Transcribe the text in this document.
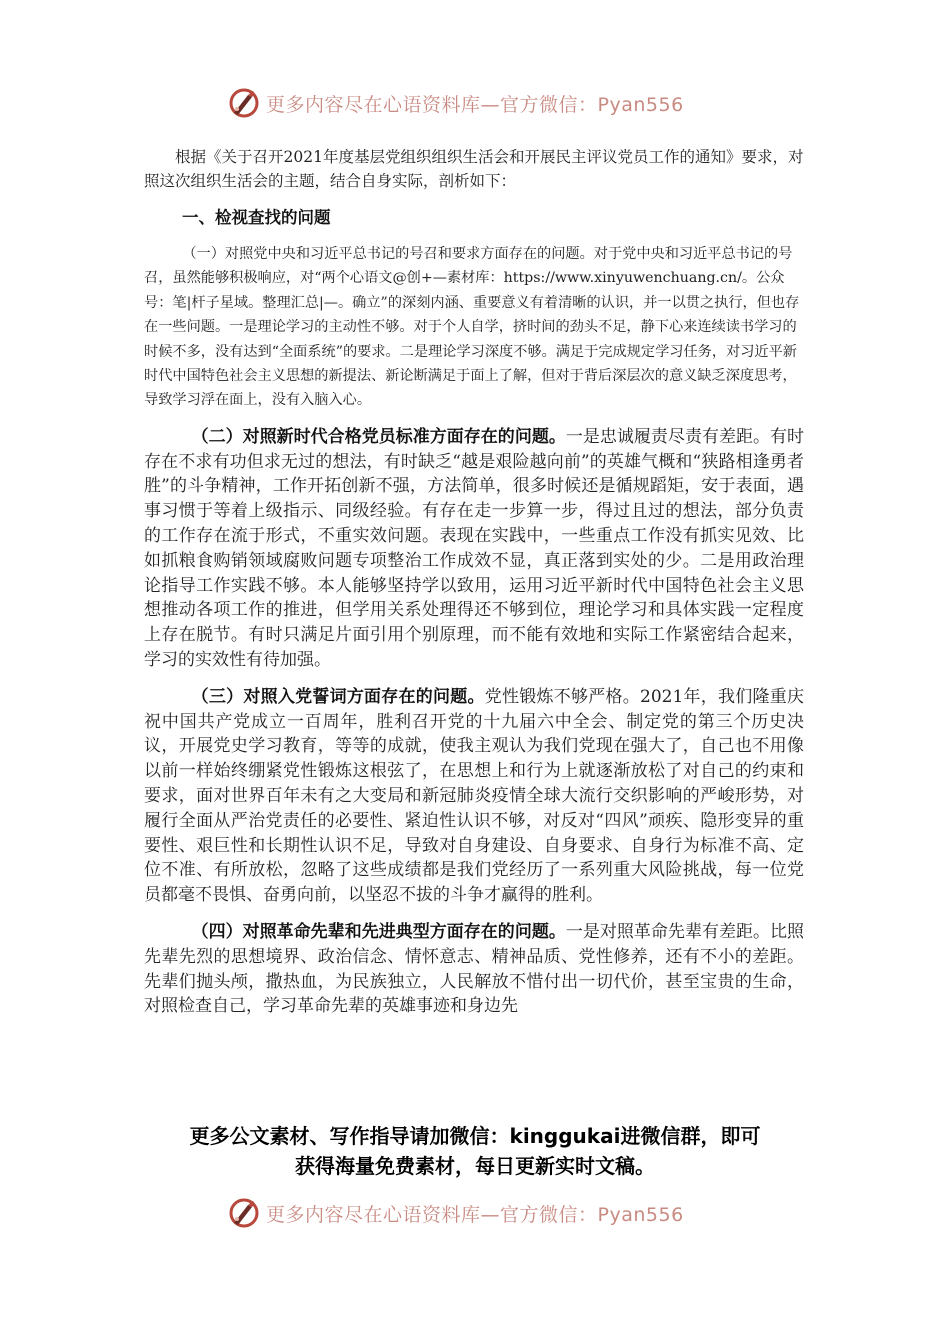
更多内容尽在心语资料库—官方微信：Pyan556

根据《关于召开2021年度基层党组织组织生活会和开展民主评议党员工作的通知》要求，对照这次组织生活会的主题，结合自身实际，剖析如下：

一、检视查找的问题

（一）对照党中央和习近平总书记的号召和要求方面存在的问题。对于党中央和习近平总书记的号召，虽然能够积极响应，对“两个心语文@创+—素材库：https://www.xinyuwenchuang.cn/。公众号：笔|杆子星域。整理汇总|—。确立”的深刻内涵、重要意义有着清晰的认识，并一以贯之执行，但也存在一些问题。一是理论学习的主动性不够。对于个人自学，挤时间的劲头不足，静下心来连续读书学习的时候不多，没有达到“全面系统”的要求。二是理论学习深度不够。满足于完成规定学习任务，对习近平新时代中国特色社会主义思想的新提法、新论断满足于面上了解，但对于背后深层次的意义缺乏深度思考，导致学习浮在面上，没有入脑入心。

（二）对照新时代合格党员标准方面存在的问题。一是忠诚履责尽责有差距。有时存在不求有功但求无过的想法，有时缺乏“越是艰险越向前”的英雄气概和“狭路相逢勇者胜”的斗争精神，工作开拓创新不强，方法简单，很多时候还是循规蹈矩，安于表面，遇事习惯于等着上级指示、同级经验。有存在走一步算一步，得过且过的想法，部分负责的工作存在流于形式，不重实效问题。表现在实践中，一些重点工作没有抓实见效、比如抓粮食购销领域腐败问题专项整治工作成效不显，真正落到实处的少。二是用政治理论指导工作实践不够。本人能够坚持学以致用，运用习近平新时代中国特色社会主义思想推动各项工作的推进，但学用关系处理得还不够到位，理论学习和具体实践一定程度上存在脱节。有时只满足片面引用个别原理，而不能有效地和实际工作紧密结合起来，学习的实效性有待加强。

（三）对照入党誓词方面存在的问题。党性锻炼不够严格。2021年，我们隆重庆祝中国共产党成立一百周年，胜利召开党的十九届六中全会、制定党的第三个历史决议，开展党史学习教育，等等的成就，使我主观认为我们党现在强大了，自己也不用像以前一样始终绷紧党性锻炼这根弦了，在思想上和行为上就逐渐放松了对自己的约束和要求，面对世界百年未有之大变局和新冠肺炎疫情全球大流行交织影响的严峻形势，对履行全面从严治党责任的必要性、紧迫性认识不够，对反对“四风”顽疾、隐形变异的重要性、艰巨性和长期性认识不足，导致对自身建设、自身要求、自身行为标准不高、定位不准、有所放松，忽略了这些成绩都是我们党经历了一系列重大风险挑战，每一位党员都毫不畏惧、奋勇向前，以坚忍不拔的斗争才赢得的胜利。

（四）对照革命先辈和先进典型方面存在的问题。一是对照革命先辈有差距。比照先辈先烈的思想境界、政治信念、情怀意志、精神品质、党性修养，还有不小的差距。先辈们抛头颅，撒热血，为民族独立，人民解放不惜付出一切代价，甚至宝贵的生命，对照检查自己，学习革命先辈的英雄事迹和身边先

更多公文素材、写作指导请加微信：kinggukai进微信群，即可
获得海量免费素材，每日更新实时文稿。
更多内容尽在心语资料库—官方微信：Pyan556
